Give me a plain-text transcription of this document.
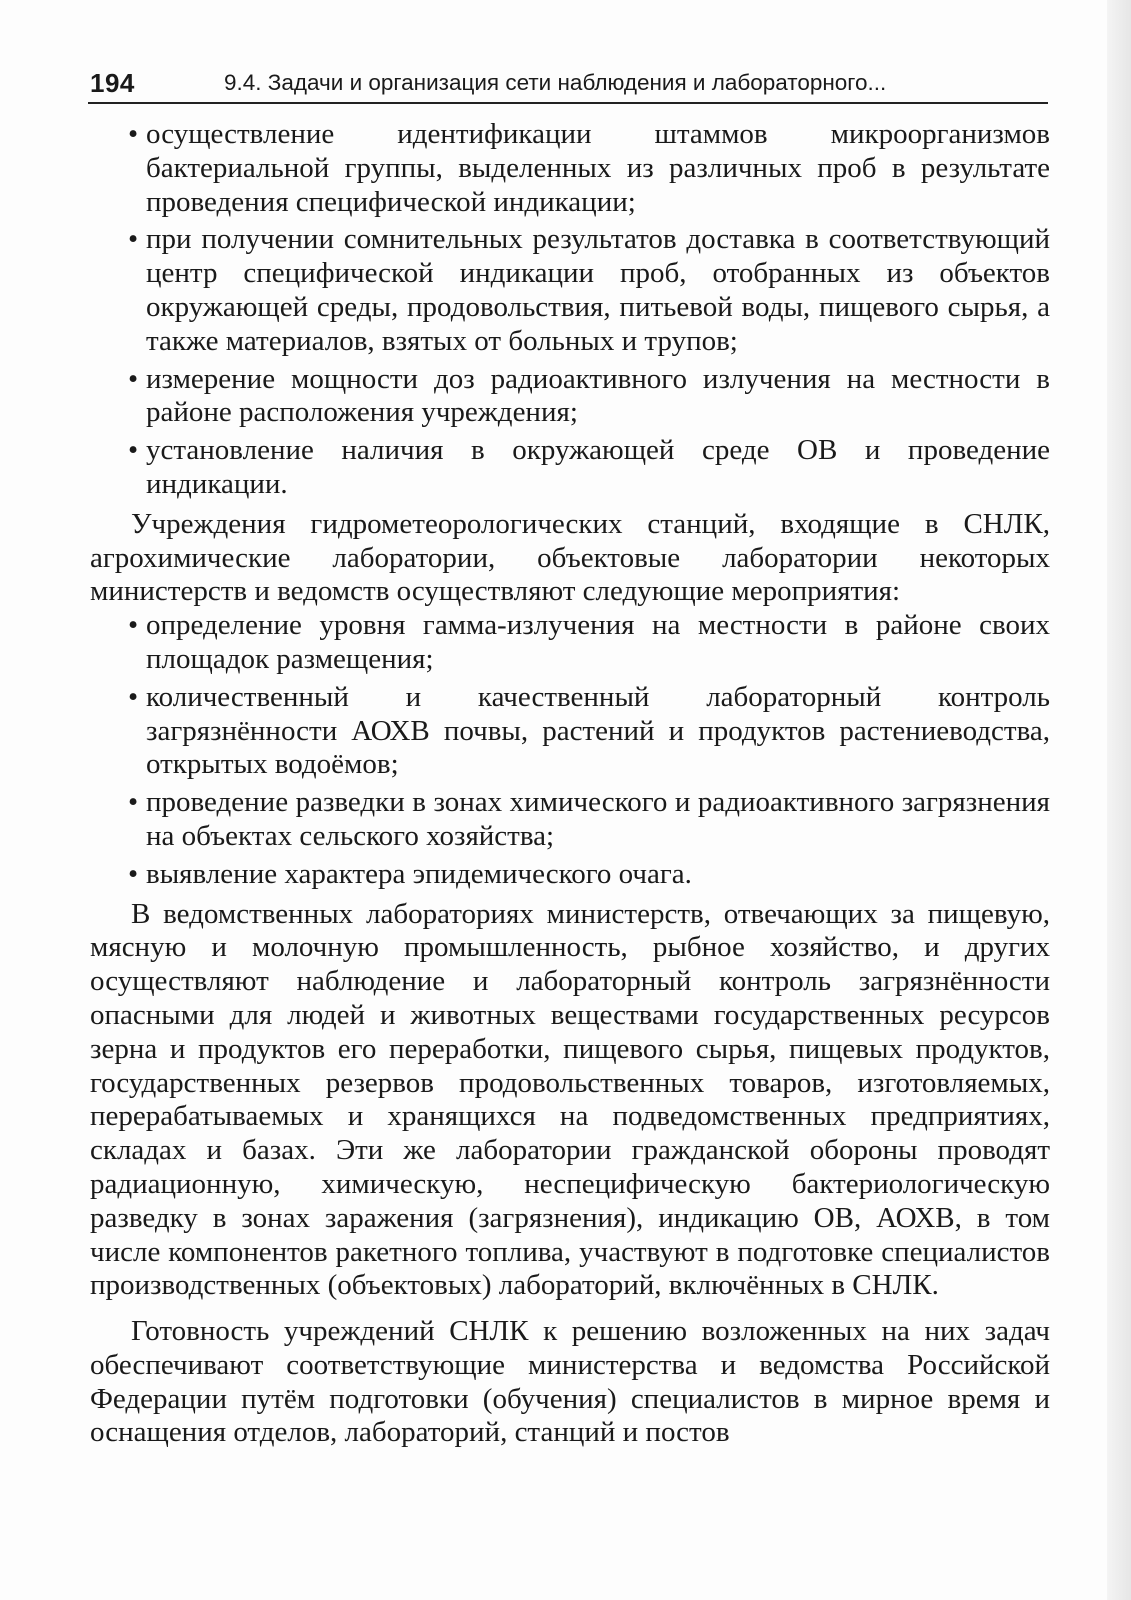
194	9.4. Задачи и организация сети наблюдения и лабораторного...
• осуществление идентификации штаммов микроорганизмов бактериальной группы, выделенных из различных проб в результате проведения специфической индикации;
• при получении сомнительных результатов доставка в соответствующий центр специфической индикации проб, отобранных из объектов окружающей среды, продовольствия, питьевой воды, пищевого сырья, а также материалов, взятых от больных и трупов;
• измерение мощности доз радиоактивного излучения на местности в районе расположения учреждения;
• установление наличия в окружающей среде ОВ и проведение индикации.

Учреждения гидрометеорологических станций, входящие в СНЛК, агрохимические лаборатории, объектовые лаборатории некоторых министерств и ведомств осуществляют следующие мероприятия:

• определение уровня гамма-излучения на местности в районе своих площадок размещения;
• количественный и качественный лабораторный контроль загрязнённости АОХВ почвы, растений и продуктов растениеводства, открытых водоёмов;
• проведение разведки в зонах химического и радиоактивного загрязнения на объектах сельского хозяйства;
• выявление характера эпидемического очага.

В ведомственных лабораториях министерств, отвечающих за пищевую, мясную и молочную промышленность, рыбное хозяйство, и других осуществляют наблюдение и лабораторный контроль загрязнённости опасными для людей и животных веществами государственных ресурсов зерна и продуктов его переработки, пищевого сырья, пищевых продуктов, государственных резервов продовольственных товаров, изготовляемых, перерабатываемых и хранящихся на подведомственных предприятиях, складах и базах. Эти же лаборатории гражданской обороны проводят радиационную, химическую, неспецифическую бактериологическую разведку в зонах заражения (загрязнения), индикацию ОВ, АОХВ, в том числе компонентов ракетного топлива, участвуют в подготовке специалистов производственных (объектовых) лабораторий, включённых в СНЛК.

Готовность учреждений СНЛК к решению возложенных на них задач обеспечивают соответствующие министерства и ведомства Российской Федерации путём подготовки (обучения) специалистов в мирное время и оснащения отделов, лабораторий, станций и постов
